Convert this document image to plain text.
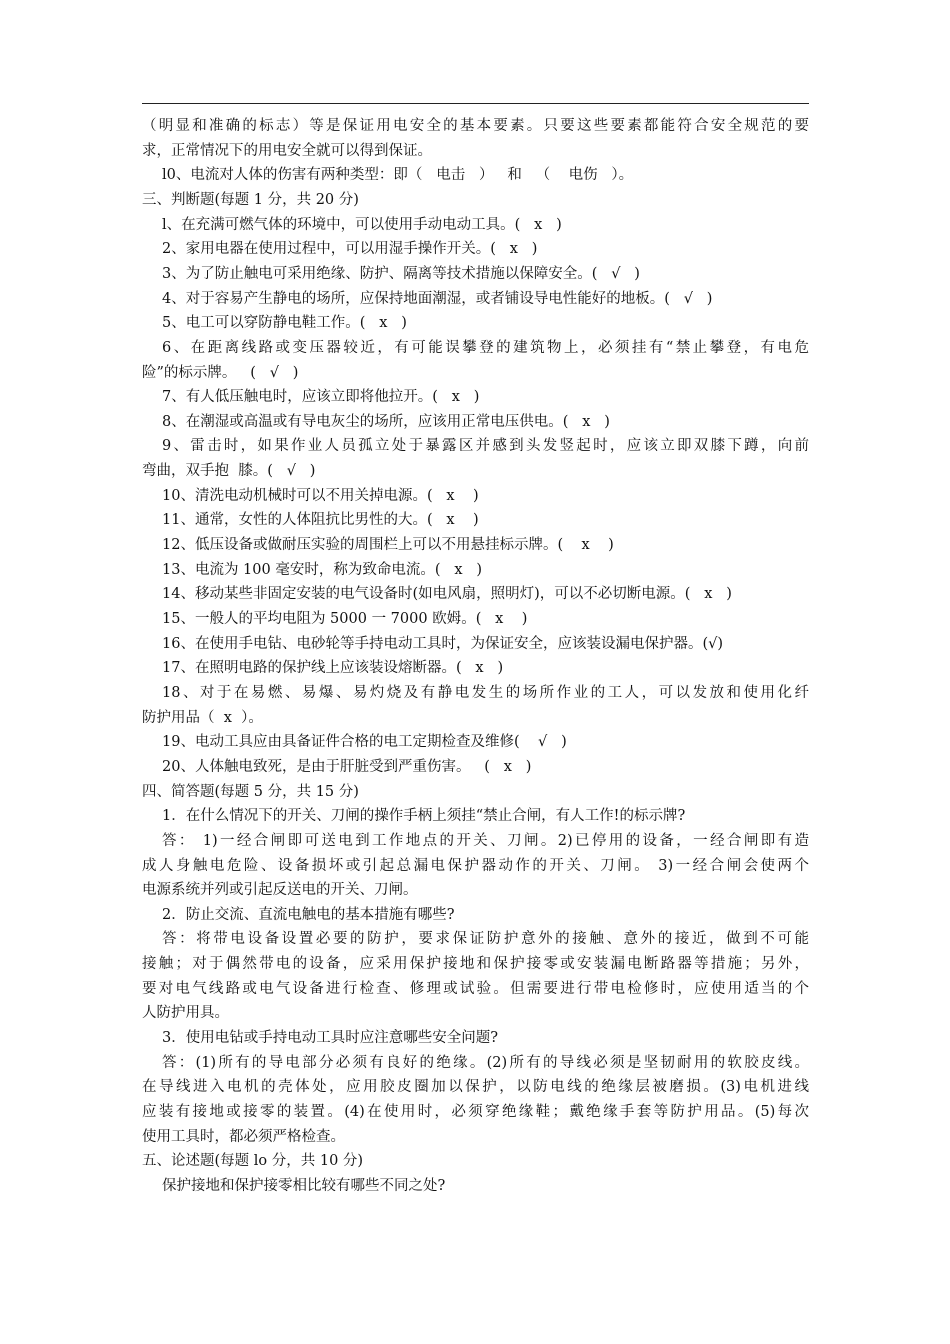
（明显和准确的标志）等是保证用电安全的基本要素。只要这些要素都能符合安全规范的要
求，正常情况下的用电安全就可以得到保证。
l0、电流对人体的伤害有两种类型：即（   电击   ）   和   （    电伤   ）。
三、判断题(每题 1 分，共 20 分)
l、在充满可燃气体的环境中，可以使用手动电动工具。(   x   )
2、家用电器在使用过程中，可以用湿手操作开关。(   x   )
3、为了防止触电可采用绝缘、防护、隔离等技术措施以保障安全。(   √   )
4、对于容易产生静电的场所，应保持地面潮湿，或者铺设导电性能好的地板。(   √   )
5、电工可以穿防静电鞋工作。(   x   )
6、在距离线路或变压器较近，有可能误攀登的建筑物上，必须挂有“禁止攀登，有电危
险”的标示牌。   (   √   )
7、有人低压触电时，应该立即将他拉开。(   x   )
8、在潮湿或高温或有导电灰尘的场所，应该用正常电压供电。(   x   )
9、雷击时，如果作业人员孤立处于暴露区并感到头发竖起时，应该立即双膝下蹲，向前
弯曲，双手抱  膝。(   √   )
10、清洗电动机械时可以不用关掉电源。(   x    )
11、通常，女性的人体阻抗比男性的大。(   x    )
12、低压设备或做耐压实验的周围栏上可以不用悬挂标示牌。(    x    )
13、电流为 100 毫安时，称为致命电流。(   x   )
14、移动某些非固定安装的电气设备时(如电风扇，照明灯)，可以不必切断电源。(   x   )
15、一般人的平均电阻为 5000 一 7000 欧姆。(   x    )
16、在使用手电钻、电砂轮等手持电动工具时，为保证安全，应该装设漏电保护器。(√)
17、在照明电路的保护线上应该装设熔断器。(   x   )
18、对于在易燃、易爆、易灼烧及有静电发生的场所作业的工人，可以发放和使用化纤
防护用品（  x  ）。
19、电动工具应由具备证件合格的电工定期检查及维修(    √   )
20、人体触电致死，是由于肝脏受到严重伤害。   (   x   )
四、简答题(每题 5 分，共 15 分)
1．在什么情况下的开关、刀闸的操作手柄上须挂“禁止合闸，有人工作!的标示牌?
答： 1)一经合闸即可送电到工作地点的开关、刀闸。2)已停用的设备，一经合闸即有造
成人身触电危险、设备损坏或引起总漏电保护器动作的开关、刀闸。 3)一经合闸会使两个
电源系统并列或引起反送电的开关、刀闸。
2．防止交流、直流电触电的基本措施有哪些?
答：将带电设备设置必要的防护，要求保证防护意外的接触、意外的接近，做到不可能
接触；对于偶然带电的设备，应采用保护接地和保护接零或安装漏电断路器等措施；另外，
要对电气线路或电气设备进行检查、修理或试验。但需要进行带电检修时，应使用适当的个
人防护用具。
3．使用电钻或手持电动工具时应注意哪些安全问题?
答：(1)所有的导电部分必须有良好的绝缘。(2)所有的导线必须是坚韧耐用的软胶皮线。
在导线进入电机的壳体处，应用胶皮圈加以保护，以防电线的绝缘层被磨损。(3)电机进线
应装有接地或接零的装置。(4)在使用时，必须穿绝缘鞋；戴绝缘手套等防护用品。(5)每次
使用工具时，都必须严格检查。
五、论述题(每题 lo 分，共 10 分)
保护接地和保护接零相比较有哪些不同之处?
